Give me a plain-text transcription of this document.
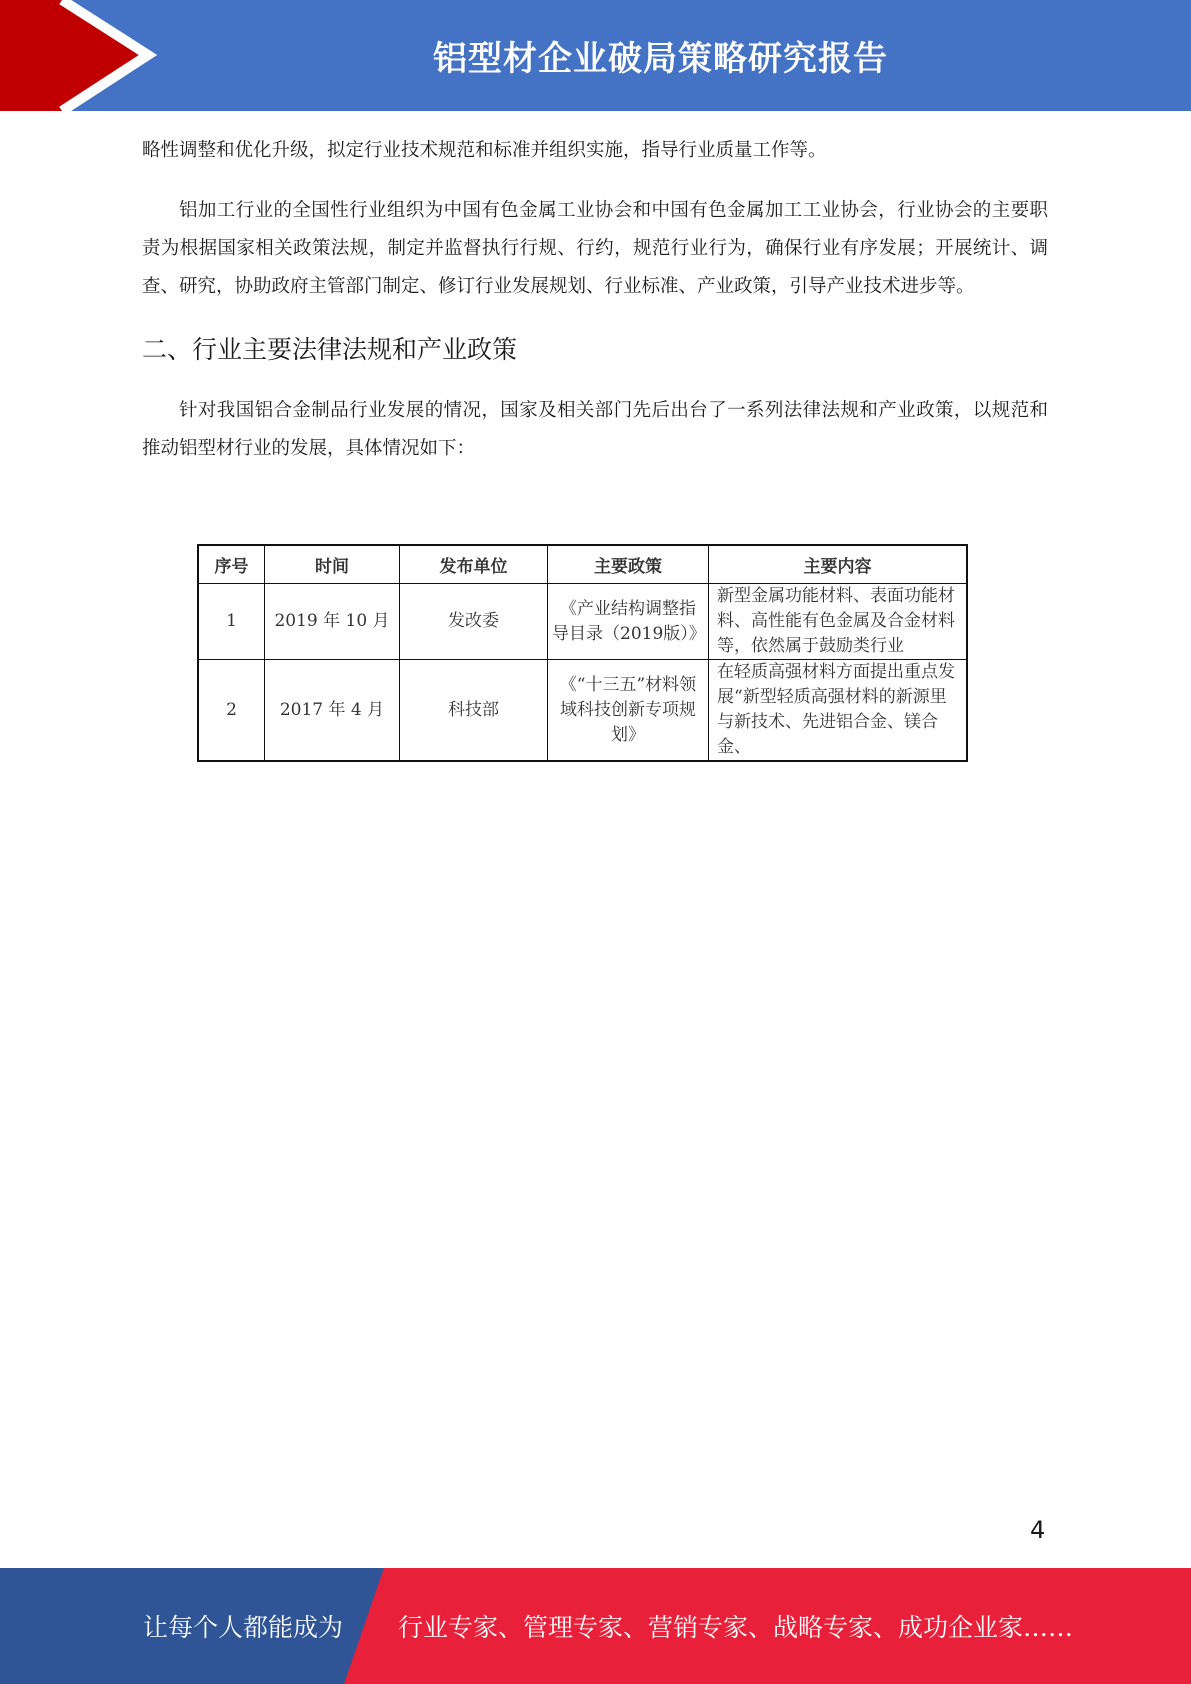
铝型材企业破局策略研究报告

略性调整和优化升级，拟定行业技术规范和标准并组织实施，指导行业质量工作等。

铝加工行业的全国性行业组织为中国有色金属工业协会和中国有色金属加工工业协会，行业协会的主要职责为根据国家相关政策法规，制定并监督执行行规、行约，规范行业行为，确保行业有序发展；开展统计、调查、研究，协助政府主管部门制定、修订行业发展规划、行业标准、产业政策，引导产业技术进步等。

二、行业主要法律法规和产业政策

针对我国铝合金制品行业发展的情况，国家及相关部门先后出台了一系列法律法规和产业政策，以规范和推动铝型材行业的发展，具体情况如下：

序号	时间	发布单位	主要政策	主要内容
1	2019 年 10 月	发改委	《产业结构调整指导目录（2019版）》	新型金属功能材料、表面功能材料、高性能有色金属及合金材料等，依然属于鼓励类行业
2	2017 年 4 月	科技部	《“十三五”材料领域科技创新专项规划》	在轻质高强材料方面提出重点发展“新型轻质高强材料的新源里与新技术、先进铝合金、镁合金、
4
让每个人都能成为 行业专家、管理专家、营销专家、战略专家、成功企业家……
